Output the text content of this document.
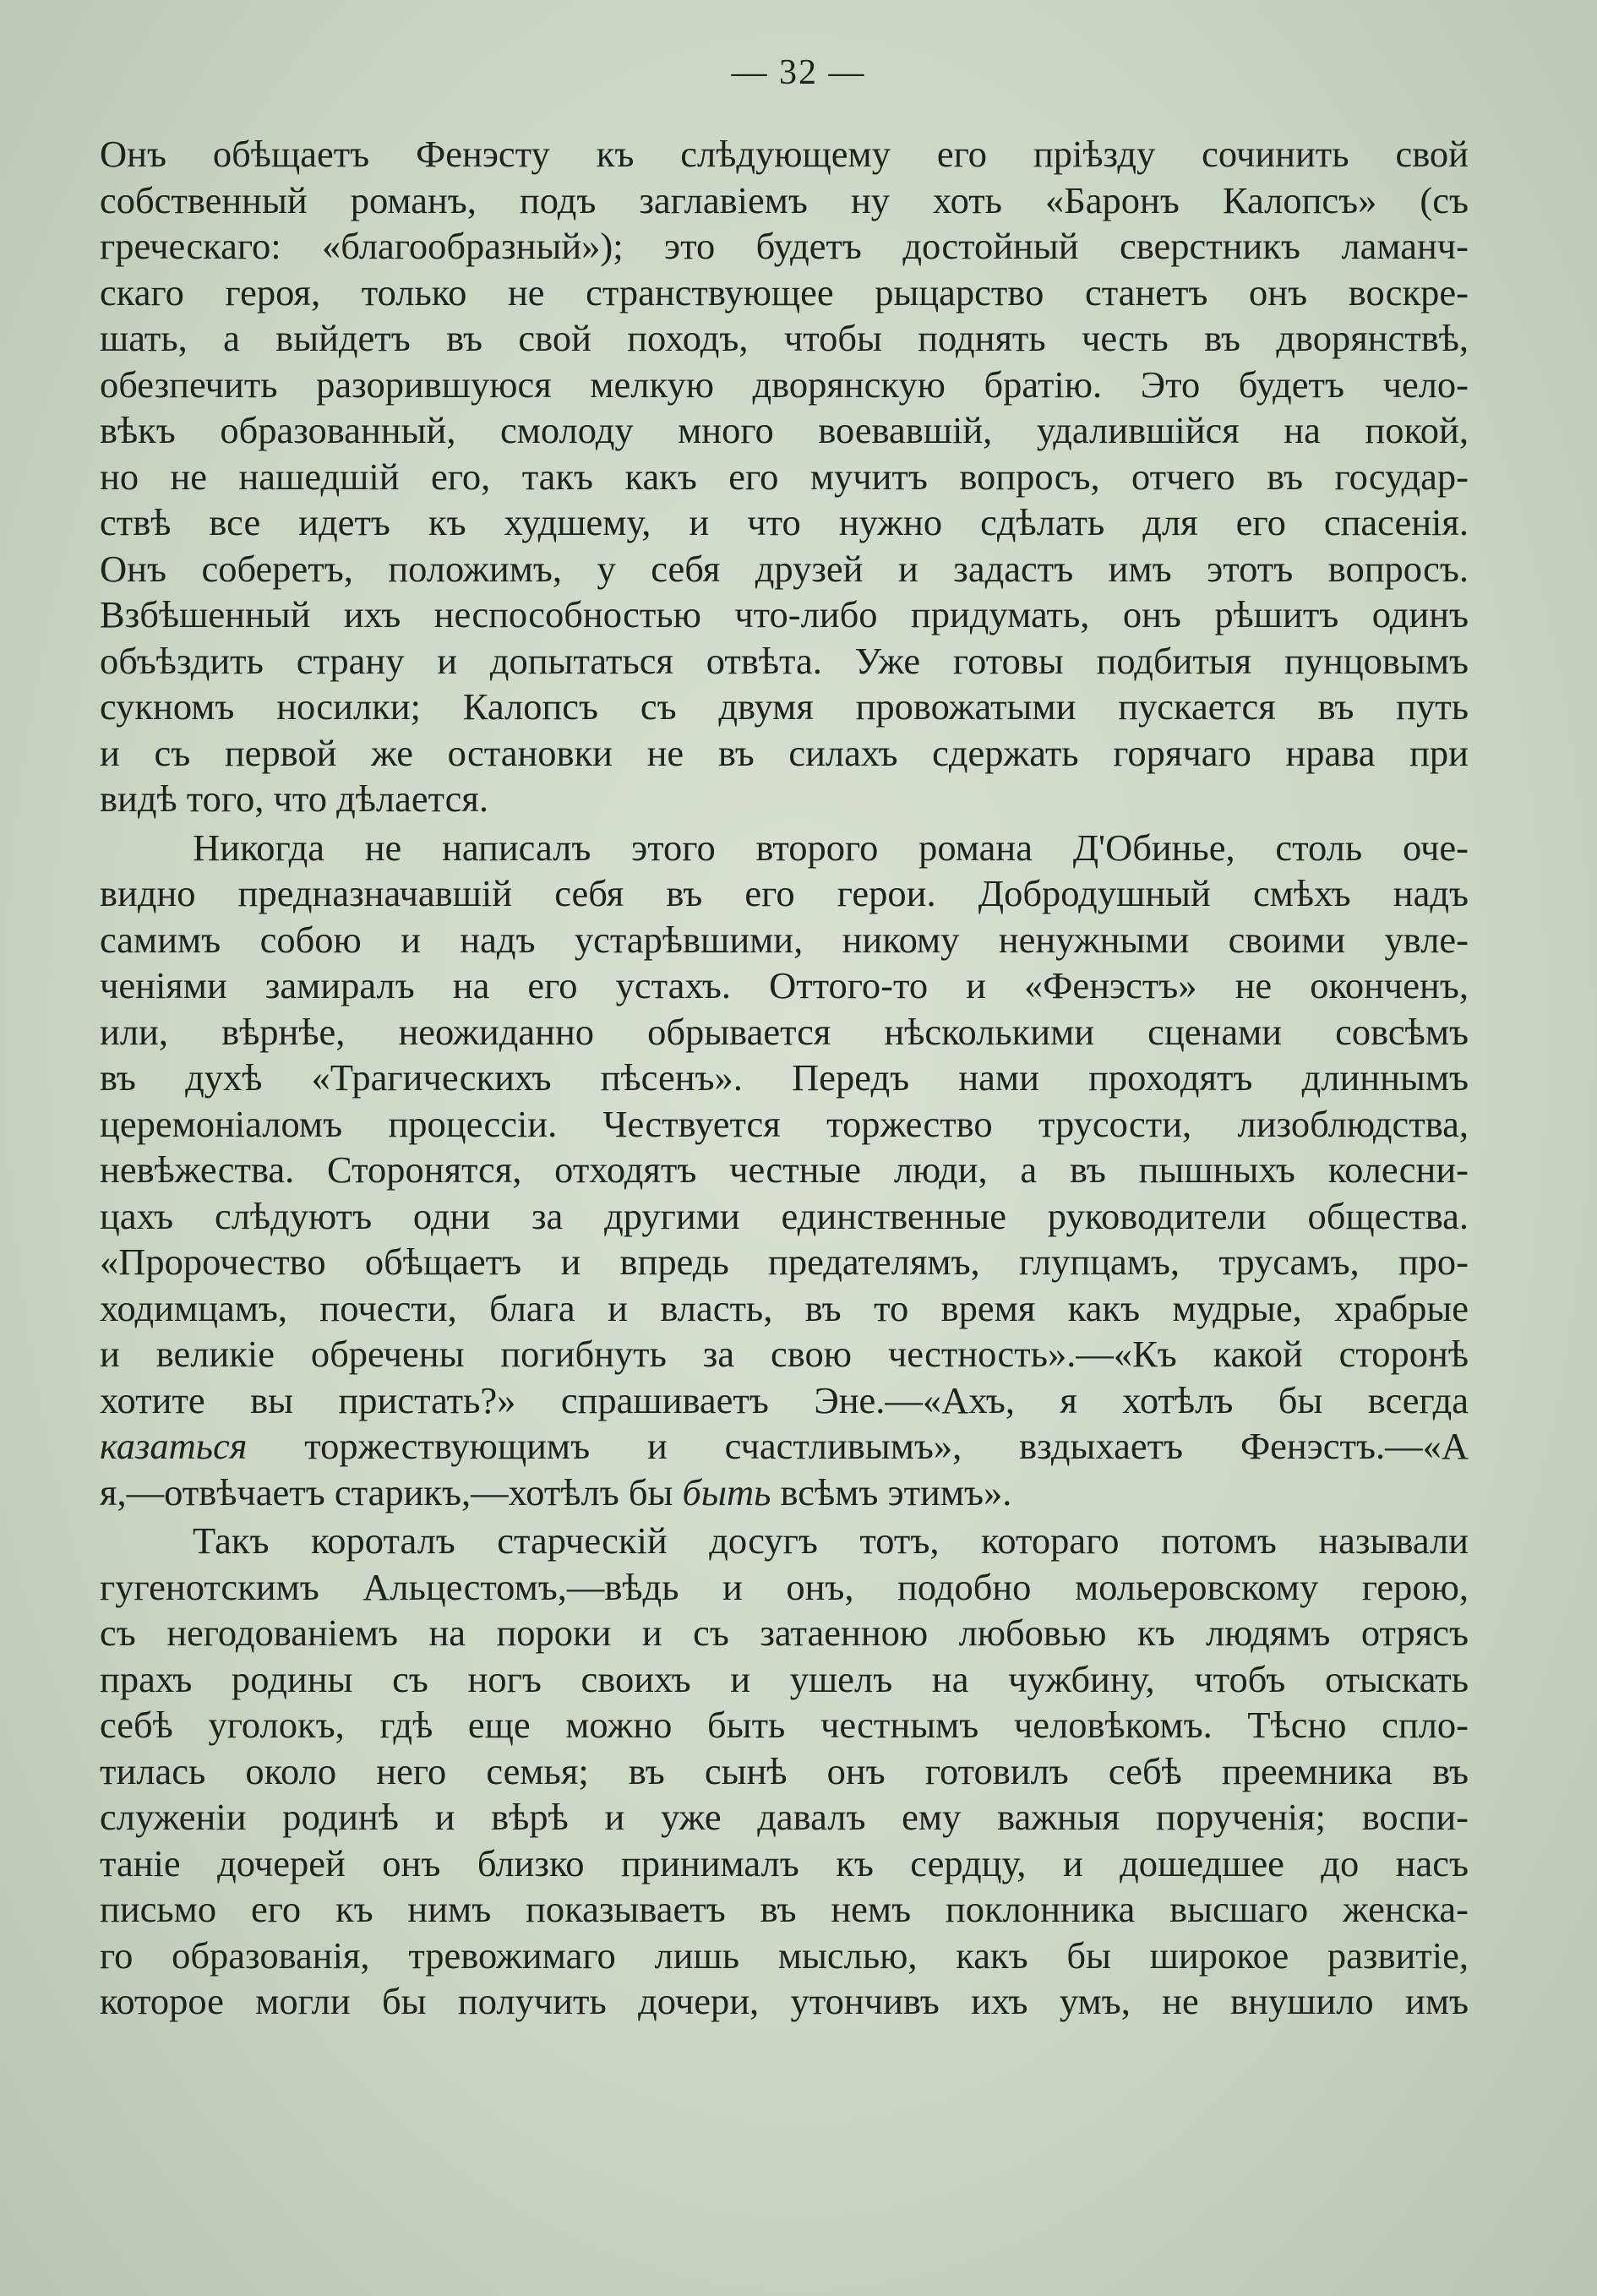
— 32 —
Онъ обѣщаетъ Фенэсту къ слѣдующему его прiѣзду сочинить свой
собственный романъ, подъ заглавiемъ ну хоть «Баронъ Калопсъ» (съ
греческаго: «благообразный»); это будетъ достойный сверстникъ ламанч-
скаго героя, только не странствующее рыцарство станетъ онъ воскре-
шать, а выйдетъ въ свой походъ, чтобы поднять честь въ дворянствѣ,
обезпечить разорившуюся мелкую дворянскую братiю. Это будетъ чело-
вѣкъ образованный, смолоду много воевавшiй, удалившiйся на покой,
но не нашедшiй его, такъ какъ его мучитъ вопросъ, отчего въ государ-
ствѣ все идетъ къ худшему, и что нужно сдѣлать для его спасенiя.
Онъ соберетъ, положимъ, у себя друзей и задастъ имъ этотъ вопросъ.
Взбѣшенный ихъ неспособностью что-либо придумать, онъ рѣшитъ одинъ
объѣздить страну и допытаться отвѣта. Уже готовы подбитыя пунцовымъ
сукномъ носилки; Калопсъ съ двумя провожатыми пускается въ путь
и съ первой же остановки не въ силахъ сдержать горячаго нрава при
видѣ того, что дѣлается.
Никогда не написалъ этого второго романа Д'Обинье, столь оче-
видно предназначавшiй себя въ его герои. Добродушный смѣхъ надъ
самимъ собою и надъ устарѣвшими, никому ненужными своими увле-
ченiями замиралъ на его устахъ. Оттого-то и «Фенэстъ» не оконченъ,
или, вѣрнѣе, неожиданно обрывается нѣсколькими сценами совсѣмъ
въ духѣ «Трагическихъ пѣсенъ». Передъ нами проходятъ длиннымъ
церемонiаломъ процессiи. Чествуется торжество трусости, лизоблюдства,
невѣжества. Сторонятся, отходятъ честные люди, а въ пышныхъ колесни-
цахъ слѣдуютъ одни за другими единственные руководители общества.
«Пророчество обѣщаетъ и впредь предателямъ, глупцамъ, трусамъ, про-
ходимцамъ, почести, блага и власть, въ то время какъ мудрые, храбрые
и великiе обречены погибнуть за свою честность».—«Къ какой сторонѣ
хотите вы пристать?» спрашиваетъ Эне.—«Ахъ, я хотѣлъ бы всегда
казаться торжествующимъ и счастливымъ», вздыхаетъ Фенэстъ.—«А
я,—отвѣчаетъ старикъ,—хотѣлъ бы быть всѣмъ этимъ».
Такъ короталъ старческiй досугъ тотъ, котораго потомъ называли
гугенотскимъ Альцестомъ,—вѣдь и онъ, подобно мольеровскому герою,
съ негодованiемъ на пороки и съ затаенною любовью къ людямъ отрясъ
прахъ родины съ ногъ своихъ и ушелъ на чужбину, чтобъ отыскать
себѣ уголокъ, гдѣ еще можно быть честнымъ человѣкомъ. Тѣсно спло-
тилась около него семья; въ сынѣ онъ готовилъ себѣ преемника въ
служенiи родинѣ и вѣрѣ и уже давалъ ему важныя порученiя; воспи-
танiе дочерей онъ близко принималъ къ сердцу, и дошедшее до насъ
письмо его къ нимъ показываетъ въ немъ поклонника высшаго женска-
го образованiя, тревожимаго лишь мыслью, какъ бы широкое развитiе,
которое могли бы получить дочери, утончивъ ихъ умъ, не внушило имъ
